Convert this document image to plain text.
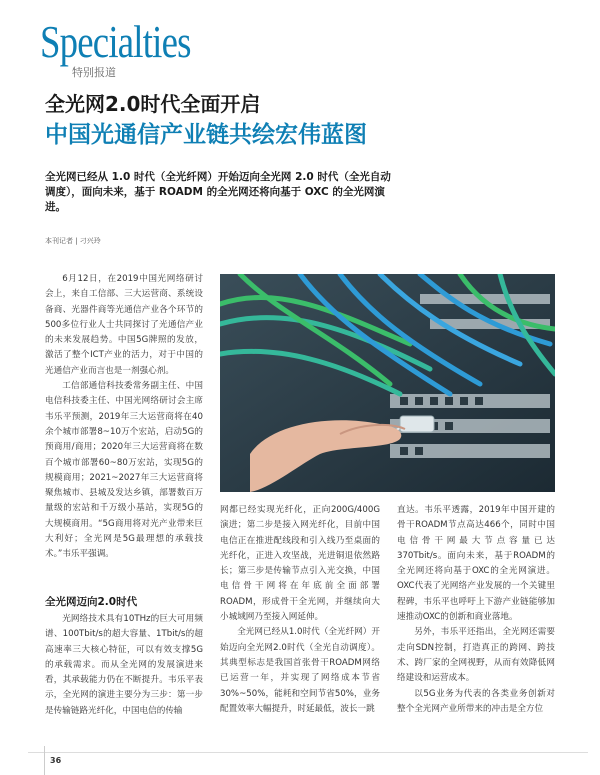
Specialties
特别报道
全光网2.0时代全面开启
中国光通信产业链共绘宏伟蓝图
全光网已经从 1.0 时代（全光纤网）开始迈向全光网 2.0 时代（全光自动调度），面向未来，基于 ROADM 的全光网还将向基于 OXC 的全光网演进。
本刊记者 | 刁兴玲

6月12日，在2019中国光网络研讨会上，来自工信部、三大运营商、系统设备商、光器件商等光通信产业各个环节的500多位行业人士共同探讨了光通信产业的未来发展趋势。中国5G牌照的发放，激活了整个ICT产业的活力，对于中国的光通信产业而言也是一剂强心剂。

工信部通信科技委常务副主任、中国电信科技委主任、中国光网络研讨会主席韦乐平预测，2019年三大运营商将在40余个城市部署8~10万个宏站，启动5G的预商用/商用；2020年三大运营商将在数百个城市部署60~80万宏站，实现5G的规模商用；2021~2027年三大运营商将聚焦城市、县城及发达乡镇，部署数百万量级的宏站和千万级小基站，实现5G的大规模商用。“5G商用将对光产业带来巨大利好；全光网是5G最理想的承载技术。”韦乐平强调。

全光网迈向2.0时代

光网络技术具有10THz的巨大可用频谱、100Tbit/s的超大容量、1Tbit/s的超高速率三大核心特征，可以有效支撑5G的承载需求。而从全光网的发展演进来看，其承载能力仍在不断提升。韦乐平表示，全光网的演进主要分为三步：第一步是传输链路光纤化，中国电信的传输

网都已经实现光纤化，正向200G/400G演进；第二步是接入网光纤化，目前中国电信正在推进配线段和引入线乃至桌面的光纤化，正进入攻坚战，光进铜退依然路长；第三步是传输节点引入光交换，中国电信骨干网将在年底前全面部署ROADM，形成骨干全光网，并继续向大小城域网乃至接入网延伸。

全光网已经从1.0时代（全光纤网）开始迈向全光网2.0时代（全光自动调度）。其典型标志是我国首张骨干ROADM网络已运营一年，并实现了网络成本节省30%~50%，能耗和空间节省50%，业务配置效率大幅提升，时延最低，波长一跳

直达。韦乐平透露，2019年中国开建的骨干ROADM节点高达466个，同时中国电信骨干网最大节点容量已达370Tbit/s。面向未来，基于ROADM的全光网还将向基于OXC的全光网演进。OXC代表了光网络产业发展的一个关键里程碑，韦乐平也呼吁上下游产业链能够加速推动OXC的创新和商业落地。

另外，韦乐平还指出，全光网还需要走向SDN控制，打造真正的跨网、跨技术、跨厂家的全网视野，从而有效降低网络建设和运营成本。

以5G业务为代表的各类业务创新对整个全光网产业所带来的冲击是全方位

36
